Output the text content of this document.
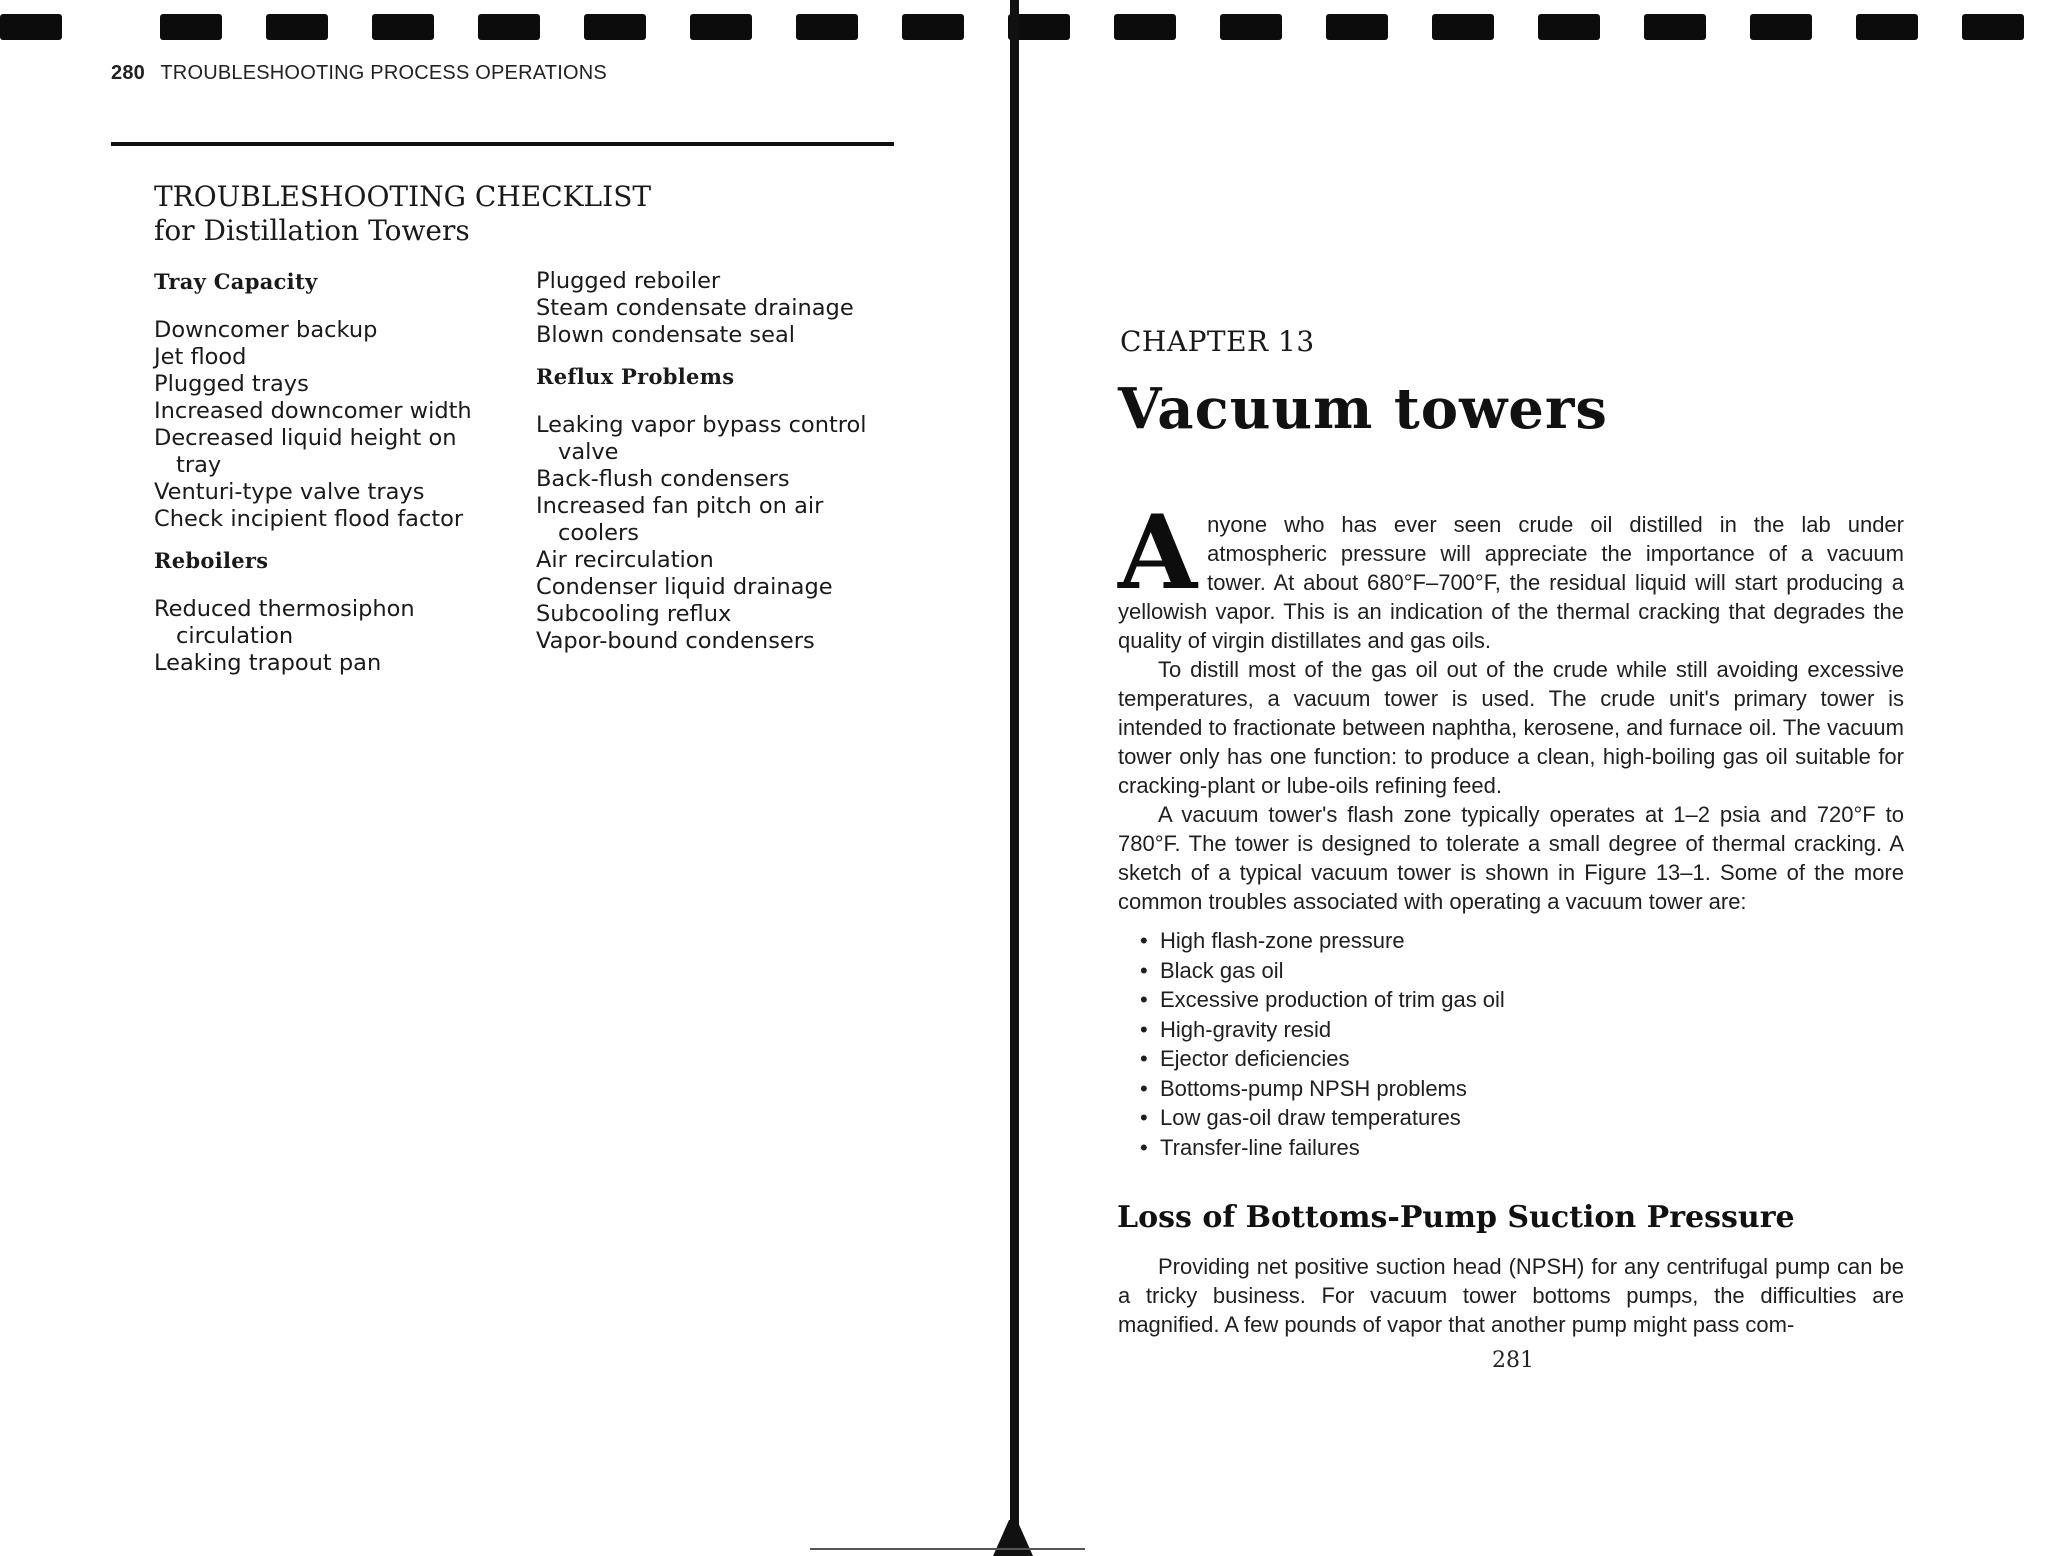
280 TROUBLESHOOTING PROCESS OPERATIONS
TROUBLESHOOTING CHECKLIST
for Distillation Towers
Tray Capacity
Downcomer backup
Jet flood
Plugged trays
Increased downcomer width
Decreased liquid height on tray
Venturi-type valve trays
Check incipient flood factor
Reboilers
Reduced thermosiphon circulation
Leaking trapout pan
Plugged reboiler
Steam condensate drainage
Blown condensate seal
Reflux Problems
Leaking vapor bypass control valve
Back-flush condensers
Increased fan pitch on air coolers
Air recirculation
Condenser liquid drainage
Subcooling reflux
Vapor-bound condensers
CHAPTER 13
Vacuum towers

Anyone who has ever seen crude oil distilled in the lab under atmospheric pressure will appreciate the importance of a vacuum tower. At about 680°F–700°F, the residual liquid will start producing a yellowish vapor. This is an indication of the thermal cracking that degrades the quality of virgin distillates and gas oils.

To distill most of the gas oil out of the crude while still avoiding excessive temperatures, a vacuum tower is used. The crude unit's primary tower is intended to fractionate between naphtha, kerosene, and furnace oil. The vacuum tower only has one function: to produce a clean, high-boiling gas oil suitable for cracking-plant or lube-oils refining feed.

A vacuum tower's flash zone typically operates at 1–2 psia and 720°F to 780°F. The tower is designed to tolerate a small degree of thermal cracking. A sketch of a typical vacuum tower is shown in Figure 13–1. Some of the more common troubles associated with operating a vacuum tower are:

• High flash-zone pressure
• Black gas oil
• Excessive production of trim gas oil
• High-gravity resid
• Ejector deficiencies
• Bottoms-pump NPSH problems
• Low gas-oil draw temperatures
• Transfer-line failures
Loss of Bottoms-Pump Suction Pressure

Providing net positive suction head (NPSH) for any centrifugal pump can be a tricky business. For vacuum tower bottoms pumps, the difficulties are magnified. A few pounds of vapor that another pump might pass com-

281
